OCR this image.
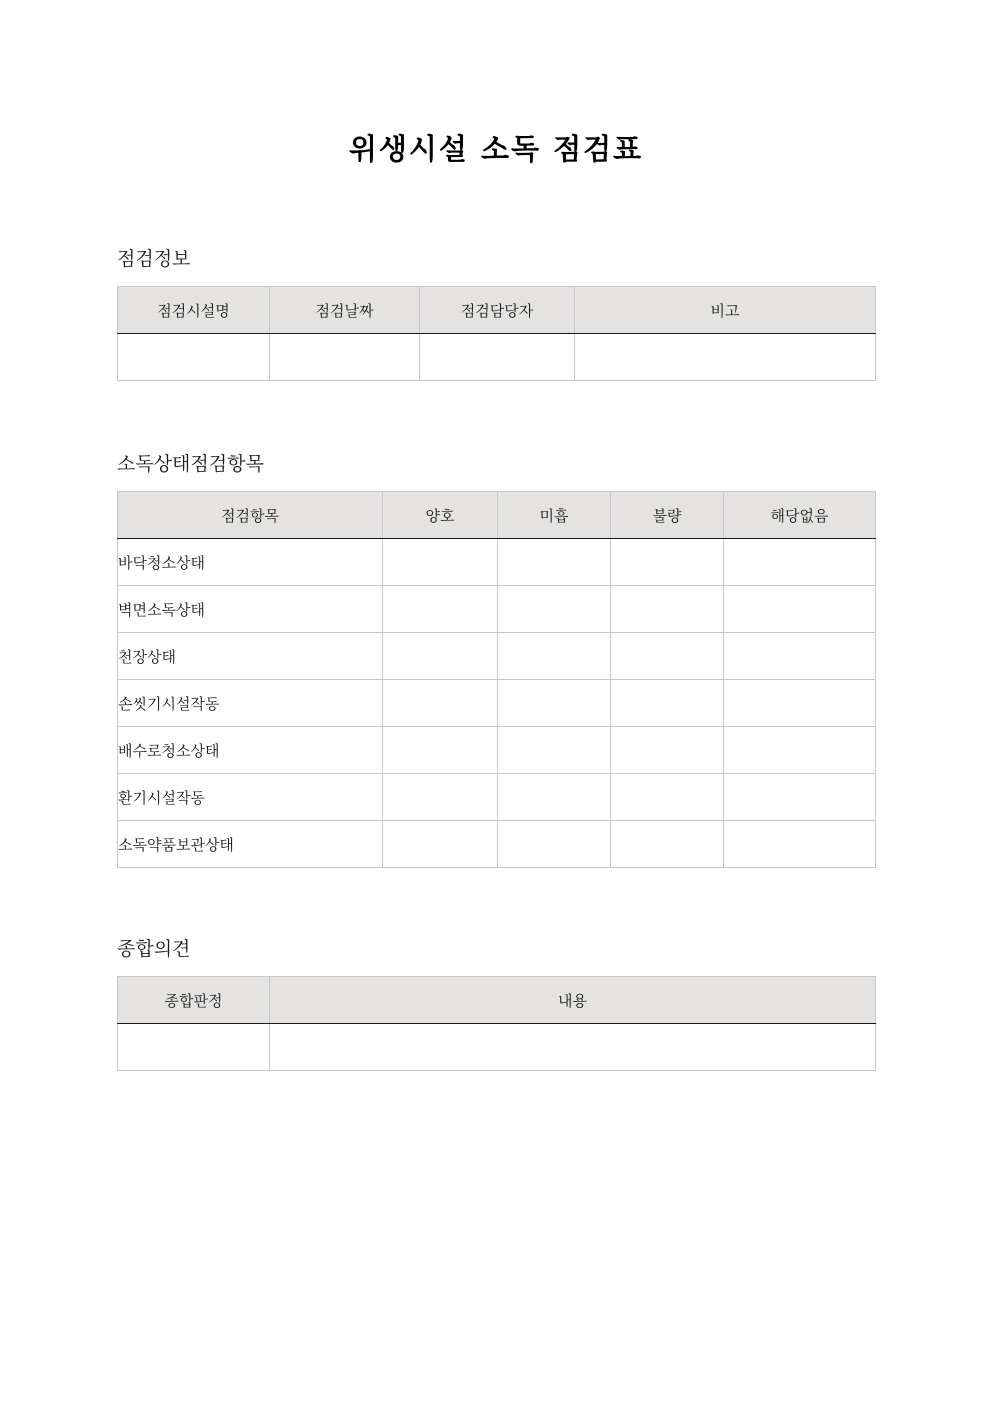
위생시설 소독 점검표
점검정보
점검시설명	점검날짜	점검담당자	비고

소독상태점검항목
점검항목	양호	미흡	불량	해당없음
바닥청소상태				
벽면소독상태				
천장상태				
손씻기시설작동				
배수로청소상태				
환기시설작동				
소독약품보관상태				
종합의견
종합판정	내용
